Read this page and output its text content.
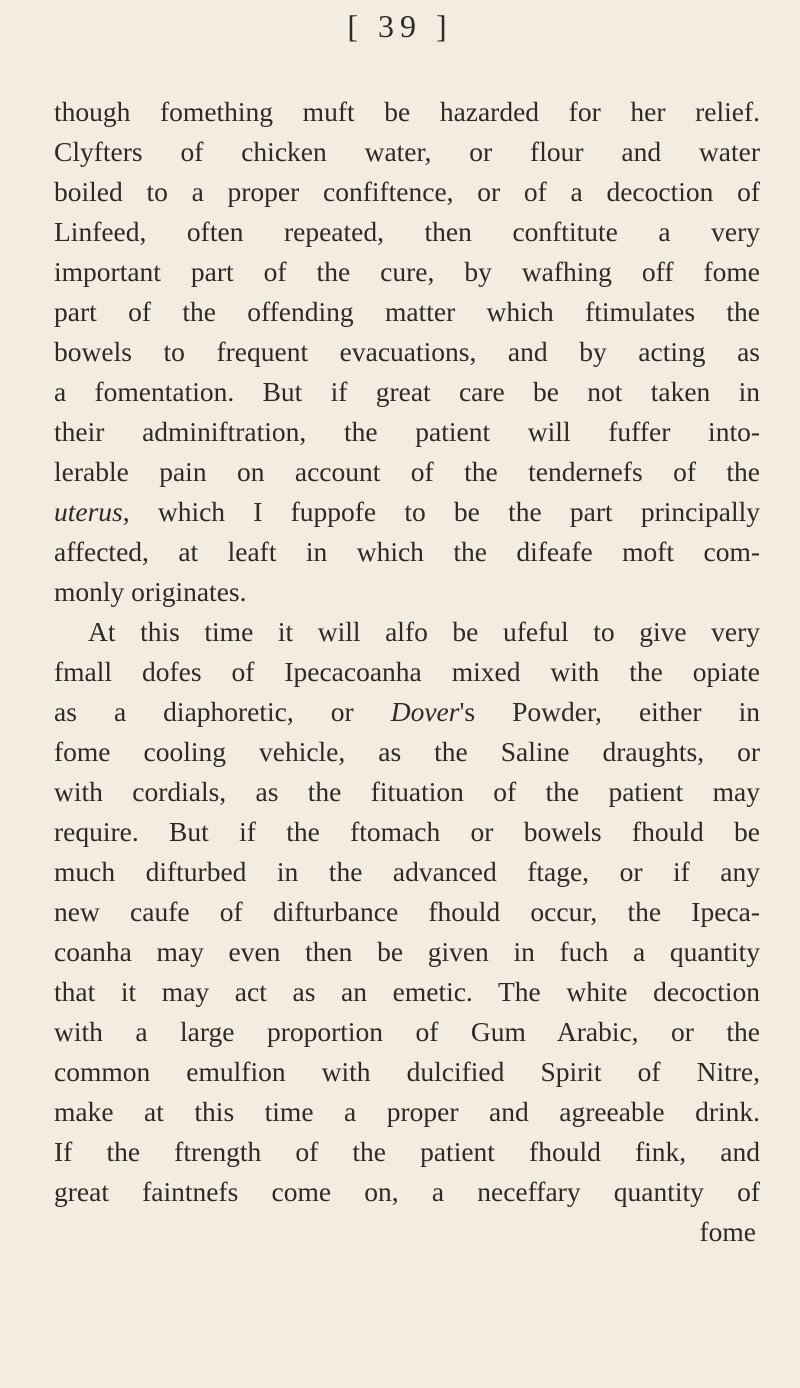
[ 39 ]
though fomething muft be hazarded for her relief.
Clyfters of chicken water, or flour and water
boiled to a proper confiftence, or of a decoction of
Linfeed, often repeated, then conftitute a very
important part of the cure, by wafhing off fome
part of the offending matter which ftimulates the
bowels to frequent evacuations, and by acting as
a fomentation. But if great care be not taken in
their adminiftration, the patient will fuffer into-
lerable pain on account of the tendernefs of the
uterus, which I fuppofe to be the part principally
affected, at leaft in which the difeafe moft com-
monly originates.
At this time it will alfo be ufeful to give very
fmall dofes of Ipecacoanha mixed with the opiate
as a diaphoretic, or Dover's Powder, either in
fome cooling vehicle, as the Saline draughts, or
with cordials, as the fituation of the patient may
require. But if the ftomach or bowels fhould be
much difturbed in the advanced ftage, or if any
new caufe of difturbance fhould occur, the Ipeca-
coanha may even then be given in fuch a quantity
that it may act as an emetic. The white decoction
with a large proportion of Gum Arabic, or the
common emulfion with dulcified Spirit of Nitre,
make at this time a proper and agreeable drink.
If the ftrength of the patient fhould fink, and
great faintnefs come on, a neceffary quantity of
fome
